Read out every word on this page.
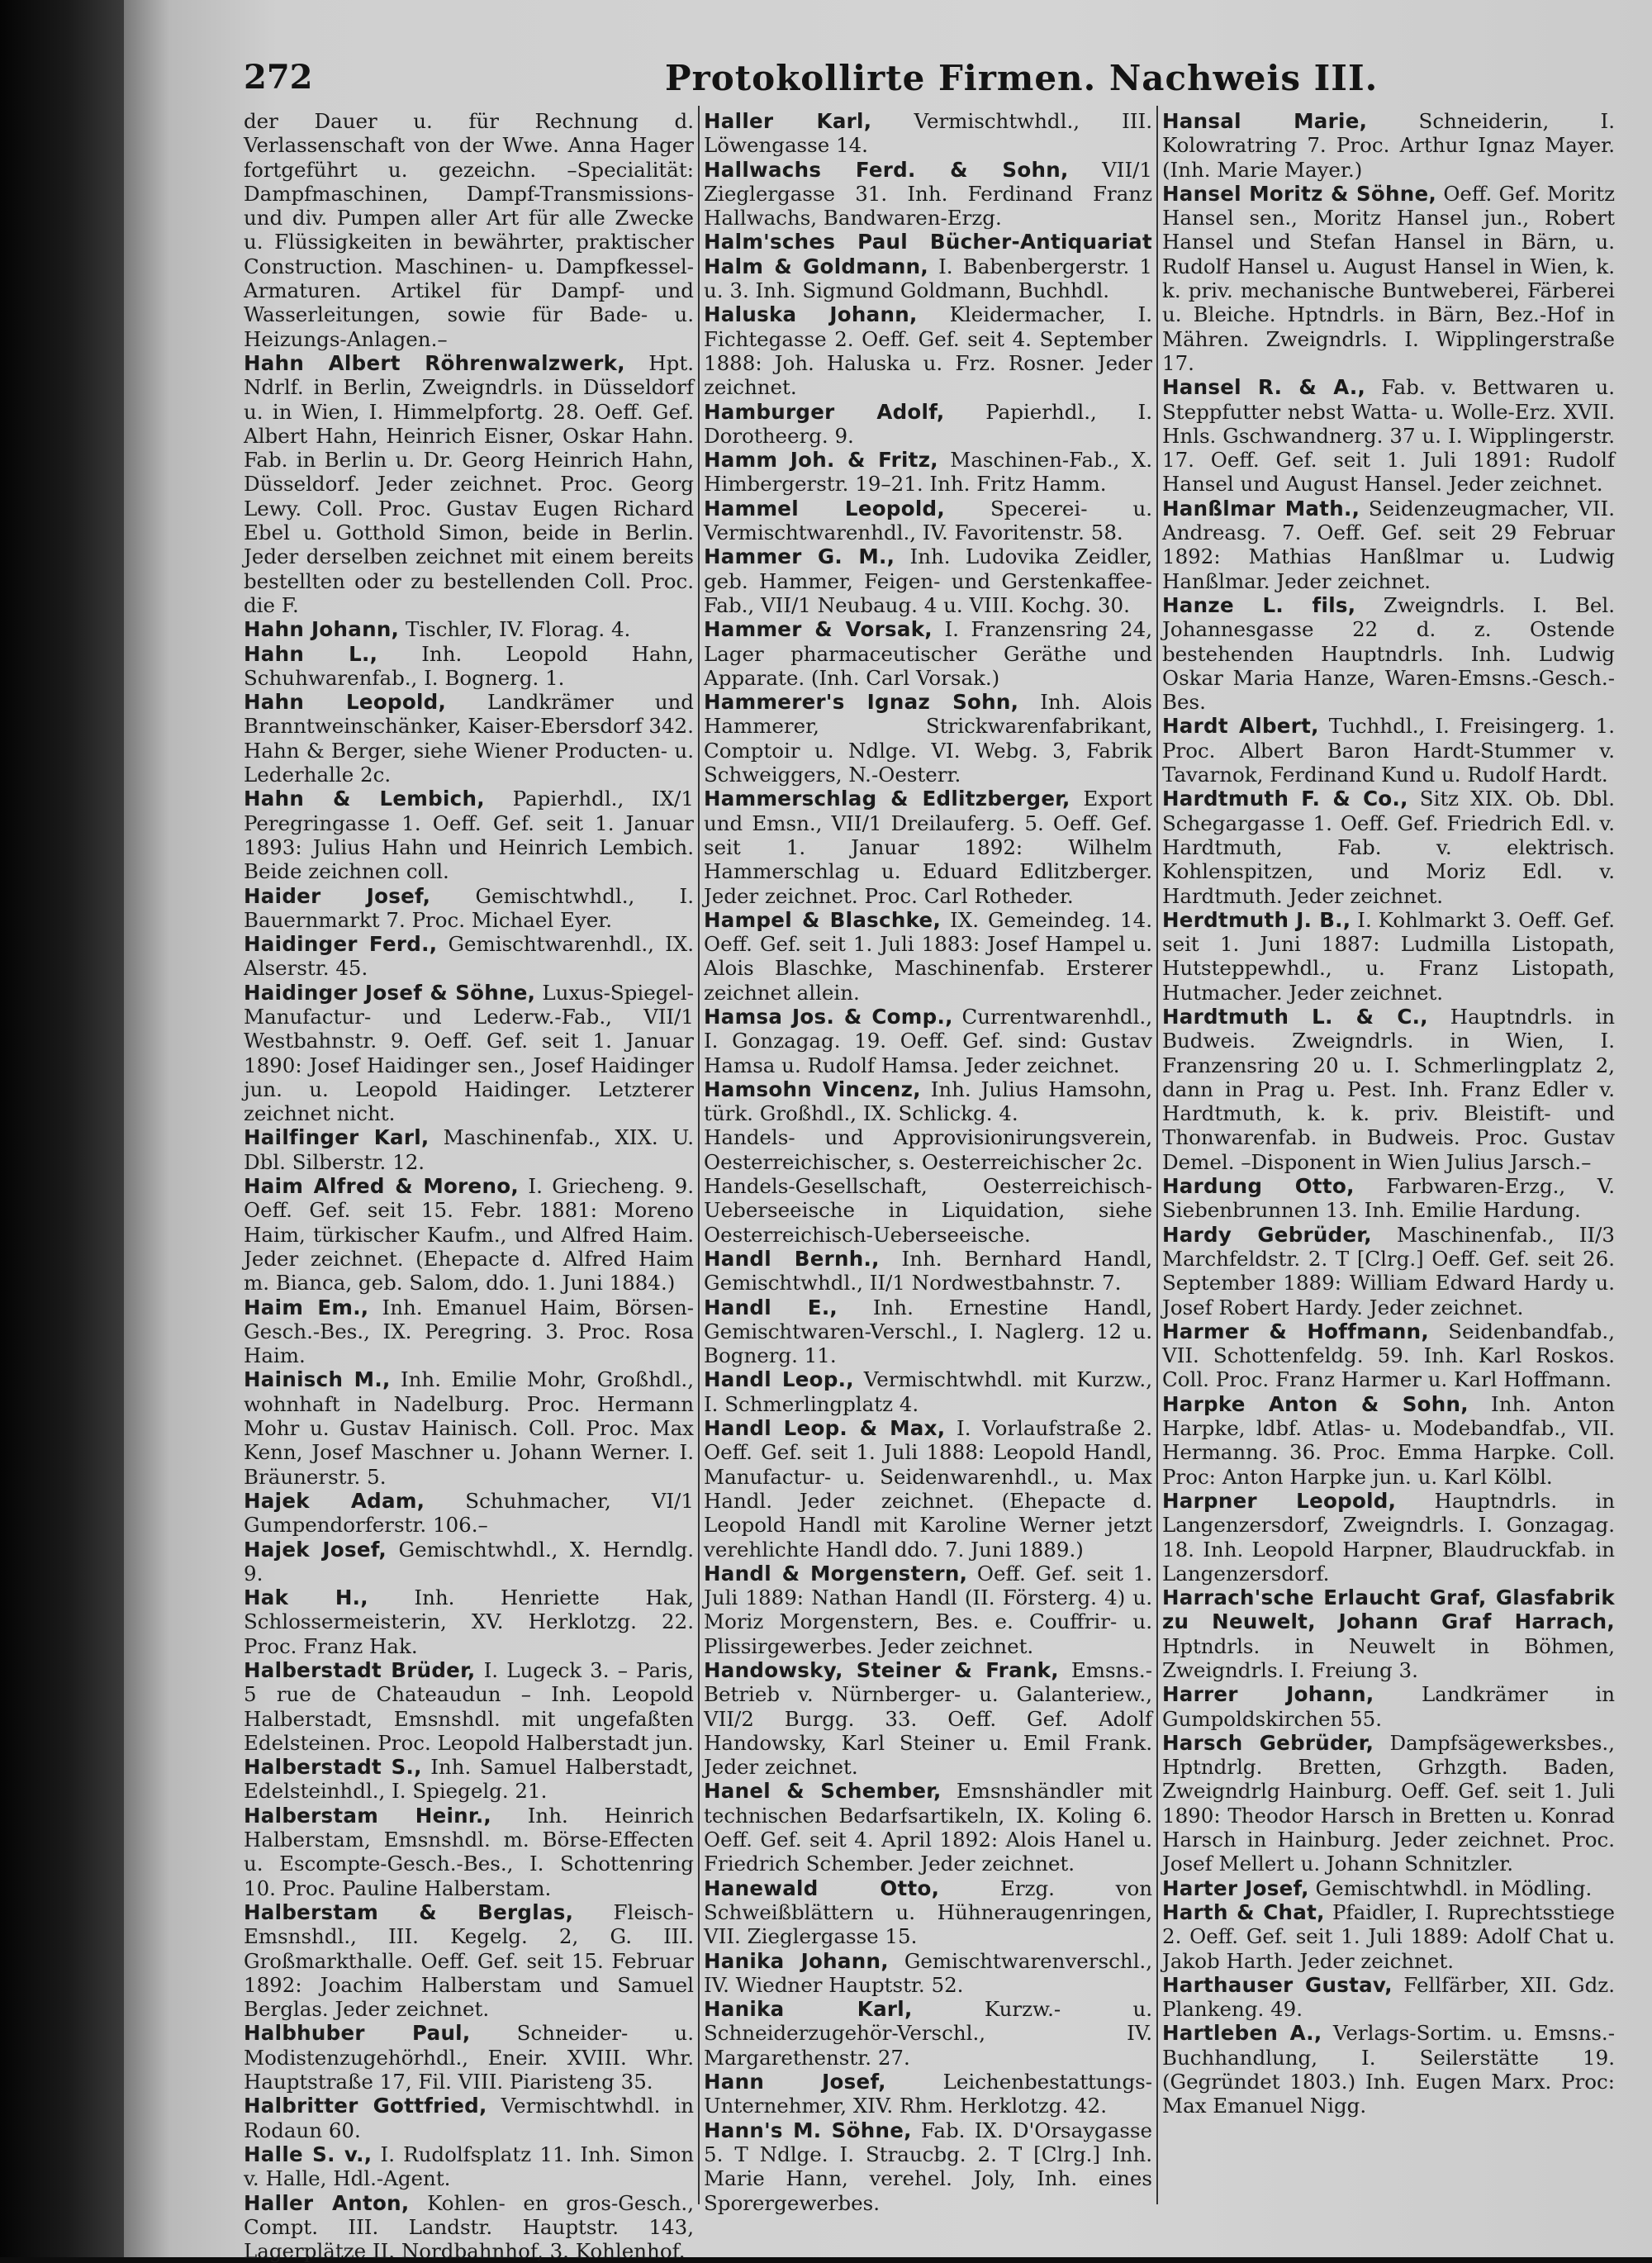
272	Protokollirte Firmen. Nachweis III.
der Dauer u. für Rechnung d. Verlassenschaft von der Wwe. Anna Hager fortgeführt u. gezeichn. –Specialität: Dampfmaschinen, Dampf-Transmissions- und div. Pumpen aller Art für alle Zwecke u. Flüssigkeiten in bewährter, praktischer Construction. Maschinen- u. Dampfkessel-Armaturen. Artikel für Dampf- und Wasserleitungen, sowie für Bade- u. Heizungs-Anlagen.–
Hahn Albert Röhrenwalzwerk, Hpt. Ndrlf. in Berlin, Zweigndrls. in Düsseldorf u. in Wien, I. Himmelpfortg. 28. Oeff. Gef. Albert Hahn, Heinrich Eisner, Oskar Hahn. Fab. in Berlin u. Dr. Georg Heinrich Hahn, Düsseldorf. Jeder zeichnet. Proc. Georg Lewy. Coll. Proc. Gustav Eugen Richard Ebel u. Gotthold Simon, beide in Berlin. Jeder derselben zeichnet mit einem bereits bestellten oder zu bestellenden Coll. Proc. die F.
Hahn Johann, Tischler, IV. Florag. 4.
Hahn L., Inh. Leopold Hahn, Schuhwarenfab., I. Bognerg. 1.
Hahn Leopold, Landkrämer und Branntweinschänker, Kaiser-Ebersdorf 342.
Hahn & Berger, siehe Wiener Producten- u. Lederhalle 2c.
Hahn & Lembich, Papierhdl., IX/1 Peregringasse 1. Oeff. Gef. seit 1. Januar 1893: Julius Hahn und Heinrich Lembich. Beide zeichnen coll.
Haider Josef, Gemischtwhdl., I. Bauernmarkt 7. Proc. Michael Eyer.
Haidinger Ferd., Gemischtwarenhdl., IX. Alserstr. 45.
Haidinger Josef & Söhne, Luxus-Spiegel-Manufactur- und Lederw.-Fab., VII/1 Westbahnstr. 9. Oeff. Gef. seit 1. Januar 1890: Josef Haidinger sen., Josef Haidinger jun. u. Leopold Haidinger. Letzterer zeichnet nicht.
Hailfinger Karl, Maschinenfab., XIX. U. Dbl. Silberstr. 12.
Haim Alfred & Moreno, I. Griecheng. 9. Oeff. Gef. seit 15. Febr. 1881: Moreno Haim, türkischer Kaufm., und Alfred Haim. Jeder zeichnet. (Ehepacte d. Alfred Haim m. Bianca, geb. Salom, ddo. 1. Juni 1884.)
Haim Em., Inh. Emanuel Haim, Börsen-Gesch.-Bes., IX. Peregring. 3. Proc. Rosa Haim.
Hainisch M., Inh. Emilie Mohr, Großhdl., wohnhaft in Nadelburg. Proc. Hermann Mohr u. Gustav Hainisch. Coll. Proc. Max Kenn, Josef Maschner u. Johann Werner. I. Bräunerstr. 5.
Hajek Adam, Schuhmacher, VI/1 Gumpendorferstr. 106.–
Hajek Josef, Gemischtwhdl., X. Herndlg. 9.
Hak H., Inh. Henriette Hak, Schlossermeisterin, XV. Herklotzg. 22. Proc. Franz Hak.
Halberstadt Brüder, I. Lugeck 3. – Paris, 5 rue de Chateaudun – Inh. Leopold Halberstadt, Emsnshdl. mit ungefaßten Edelsteinen. Proc. Leopold Halberstadt jun.
Halberstadt S., Inh. Samuel Halberstadt, Edelsteinhdl., I. Spiegelg. 21.
Halberstam Heinr., Inh. Heinrich Halberstam, Emsnshdl. m. Börse-Effecten u. Escompte-Gesch.-Bes., I. Schottenring 10. Proc. Pauline Halberstam.
Halberstam & Berglas, Fleisch-Emsnshdl., III. Kegelg. 2, G. III. Großmarkthalle. Oeff. Gef. seit 15. Februar 1892: Joachim Halberstam und Samuel Berglas. Jeder zeichnet.
Halbhuber Paul, Schneider- u. Modistenzugehörhdl., Eneir. XVIII. Whr. Hauptstraße 17, Fil. VIII. Piaristeng 35.
Halbritter Gottfried, Vermischtwhdl. in Rodaun 60.
Halle S. v., I. Rudolfsplatz 11. Inh. Simon v. Halle, Hdl.-Agent.
Haller Anton, Kohlen- en gros-Gesch., Compt. III. Landstr. Hauptstr. 143, Lagerplätze II. Nordbahnhof, 3. Kohlenhof.
Haller Karl, Vermischtwhdl., III. Löwengasse 14.
Hallwachs Ferd. & Sohn, VII/1 Zieglergasse 31. Inh. Ferdinand Franz Hallwachs, Bandwaren-Erzg.
Halm'sches Paul Bücher-Antiquariat Halm & Goldmann, I. Babenbergerstr. 1 u. 3. Inh. Sigmund Goldmann, Buchhdl.
Haluska Johann, Kleidermacher, I. Fichtegasse 2. Oeff. Gef. seit 4. September 1888: Joh. Haluska u. Frz. Rosner. Jeder zeichnet.
Hamburger Adolf, Papierhdl., I. Dorotheerg. 9.
Hamm Joh. & Fritz, Maschinen-Fab., X. Himbergerstr. 19–21. Inh. Fritz Hamm.
Hammel Leopold, Specerei- u. Vermischtwarenhdl., IV. Favoritenstr. 58.
Hammer G. M., Inh. Ludovika Zeidler, geb. Hammer, Feigen- und Gerstenkaffee-Fab., VII/1 Neubaug. 4 u. VIII. Kochg. 30.
Hammer & Vorsak, I. Franzensring 24, Lager pharmaceutischer Geräthe und Apparate. (Inh. Carl Vorsak.)
Hammerer's Ignaz Sohn, Inh. Alois Hammerer, Strickwarenfabrikant, Comptoir u. Ndlge. VI. Webg. 3, Fabrik Schweiggers, N.-Oesterr.
Hammerschlag & Edlitzberger, Export und Emsn., VII/1 Dreilauferg. 5. Oeff. Gef. seit 1. Januar 1892: Wilhelm Hammerschlag u. Eduard Edlitzberger. Jeder zeichnet. Proc. Carl Rotheder.
Hampel & Blaschke, IX. Gemeindeg. 14. Oeff. Gef. seit 1. Juli 1883: Josef Hampel u. Alois Blaschke, Maschinenfab. Ersterer zeichnet allein.
Hamsa Jos. & Comp., Currentwarenhdl., I. Gonzagag. 19. Oeff. Gef. sind: Gustav Hamsa u. Rudolf Hamsa. Jeder zeichnet.
Hamsohn Vincenz, Inh. Julius Hamsohn, türk. Großhdl., IX. Schlickg. 4.
Handels- und Approvisionirungsverein, Oesterreichischer, s. Oesterreichischer 2c.
Handels-Gesellschaft, Oesterreichisch-Ueberseeische in Liquidation, siehe Oesterreichisch-Ueberseeische.
Handl Bernh., Inh. Bernhard Handl, Gemischtwhdl., II/1 Nordwestbahnstr. 7.
Handl E., Inh. Ernestine Handl, Gemischtwaren-Verschl., I. Naglerg. 12 u. Bognerg. 11.
Handl Leop., Vermischtwhdl. mit Kurzw., I. Schmerlingplatz 4.
Handl Leop. & Max, I. Vorlaufstraße 2. Oeff. Gef. seit 1. Juli 1888: Leopold Handl, Manufactur- u. Seidenwarenhdl., u. Max Handl. Jeder zeichnet. (Ehepacte d. Leopold Handl mit Karoline Werner jetzt verehlichte Handl ddo. 7. Juni 1889.)
Handl & Morgenstern, Oeff. Gef. seit 1. Juli 1889: Nathan Handl (II. Försterg. 4) u. Moriz Morgenstern, Bes. e. Couffrir- u. Plissirgewerbes. Jeder zeichnet.
Handowsky, Steiner & Frank, Emsns.-Betrieb v. Nürnberger- u. Galanteriew., VII/2 Burgg. 33. Oeff. Gef. Adolf Handowsky, Karl Steiner u. Emil Frank. Jeder zeichnet.
Hanel & Schember, Emsnshändler mit technischen Bedarfsartikeln, IX. Koling 6. Oeff. Gef. seit 4. April 1892: Alois Hanel u. Friedrich Schember. Jeder zeichnet.
Hanewald Otto, Erzg. von Schweißblättern u. Hühneraugenringen, VII. Zieglergasse 15.
Hanika Johann, Gemischtwarenverschl., IV. Wiedner Hauptstr. 52.
Hanika Karl, Kurzw.- u. Schneiderzugehör-Verschl., IV. Margarethenstr. 27.
Hann Josef, Leichenbestattungs-Unternehmer, XIV. Rhm. Herklotzg. 42.
Hann's M. Söhne, Fab. IX. D'Orsaygasse 5. T Ndlge. I. Straucbg. 2. T [Clrg.] Inh. Marie Hann, verehel. Joly, Inh. eines Sporergewerbes.
Hansal Marie, Schneiderin, I. Kolowratring 7. Proc. Arthur Ignaz Mayer. (Inh. Marie Mayer.)
Hansel Moritz & Söhne, Oeff. Gef. Moritz Hansel sen., Moritz Hansel jun., Robert Hansel und Stefan Hansel in Bärn, u. Rudolf Hansel u. August Hansel in Wien, k. k. priv. mechanische Buntweberei, Färberei u. Bleiche. Hptndrls. in Bärn, Bez.-Hof in Mähren. Zweigndrls. I. Wipplingerstraße 17.
Hansel R. & A., Fab. v. Bettwaren u. Steppfutter nebst Watta- u. Wolle-Erz. XVII. Hnls. Gschwandnerg. 37 u. I. Wipplingerstr. 17. Oeff. Gef. seit 1. Juli 1891: Rudolf Hansel und August Hansel. Jeder zeichnet.
Hanßlmar Math., Seidenzeugmacher, VII. Andreasg. 7. Oeff. Gef. seit 29 Februar 1892: Mathias Hanßlmar u. Ludwig Hanßlmar. Jeder zeichnet.
Hanze L. fils, Zweigndrls. I. Bel. Johannesgasse 22 d. z. Ostende bestehenden Hauptndrls. Inh. Ludwig Oskar Maria Hanze, Waren-Emsns.-Gesch.-Bes.
Hardt Albert, Tuchhdl., I. Freisingerg. 1. Proc. Albert Baron Hardt-Stummer v. Tavarnok, Ferdinand Kund u. Rudolf Hardt.
Hardtmuth F. & Co., Sitz XIX. Ob. Dbl. Schegargasse 1. Oeff. Gef. Friedrich Edl. v. Hardtmuth, Fab. v. elektrisch. Kohlenspitzen, und Moriz Edl. v. Hardtmuth. Jeder zeichnet.
Herdtmuth J. B., I. Kohlmarkt 3. Oeff. Gef. seit 1. Juni 1887: Ludmilla Listopath, Hutsteppewhdl., u. Franz Listopath, Hutmacher. Jeder zeichnet.
Hardtmuth L. & C., Hauptndrls. in Budweis. Zweigndrls. in Wien, I. Franzensring 20 u. I. Schmerlingplatz 2, dann in Prag u. Pest. Inh. Franz Edler v. Hardtmuth, k. k. priv. Bleistift- und Thonwarenfab. in Budweis. Proc. Gustav Demel. –Disponent in Wien Julius Jarsch.–
Hardung Otto, Farbwaren-Erzg., V. Siebenbrunnen 13. Inh. Emilie Hardung.
Hardy Gebrüder, Maschinenfab., II/3 Marchfeldstr. 2. T [Clrg.] Oeff. Gef. seit 26. September 1889: William Edward Hardy u. Josef Robert Hardy. Jeder zeichnet.
Harmer & Hoffmann, Seidenbandfab., VII. Schottenfeldg. 59. Inh. Karl Roskos. Coll. Proc. Franz Harmer u. Karl Hoffmann.
Harpke Anton & Sohn, Inh. Anton Harpke, ldbf. Atlas- u. Modebandfab., VII. Hermanng. 36. Proc. Emma Harpke. Coll. Proc: Anton Harpke jun. u. Karl Kölbl.
Harpner Leopold, Hauptndrls. in Langenzersdorf, Zweigndrls. I. Gonzagag. 18. Inh. Leopold Harpner, Blaudruckfab. in Langenzersdorf.
Harrach'sche Erlaucht Graf, Glasfabrik zu Neuwelt, Johann Graf Harrach, Hptndrls. in Neuwelt in Böhmen, Zweigndrls. I. Freiung 3.
Harrer Johann, Landkrämer in Gumpoldskirchen 55.
Harsch Gebrüder, Dampfsägewerksbes., Hptndrlg. Bretten, Grhzgth. Baden, Zweigndrlg Hainburg. Oeff. Gef. seit 1. Juli 1890: Theodor Harsch in Bretten u. Konrad Harsch in Hainburg. Jeder zeichnet. Proc. Josef Mellert u. Johann Schnitzler.
Harter Josef, Gemischtwhdl. in Mödling.
Harth & Chat, Pfaidler, I. Ruprechtsstiege 2. Oeff. Gef. seit 1. Juli 1889: Adolf Chat u. Jakob Harth. Jeder zeichnet.
Harthauser Gustav, Fellfärber, XII. Gdz. Plankeng. 49.
Hartleben A., Verlags-Sortim. u. Emsns.-Buchhandlung, I. Seilerstätte 19. (Gegründet 1803.) Inh. Eugen Marx. Proc: Max Emanuel Nigg.
